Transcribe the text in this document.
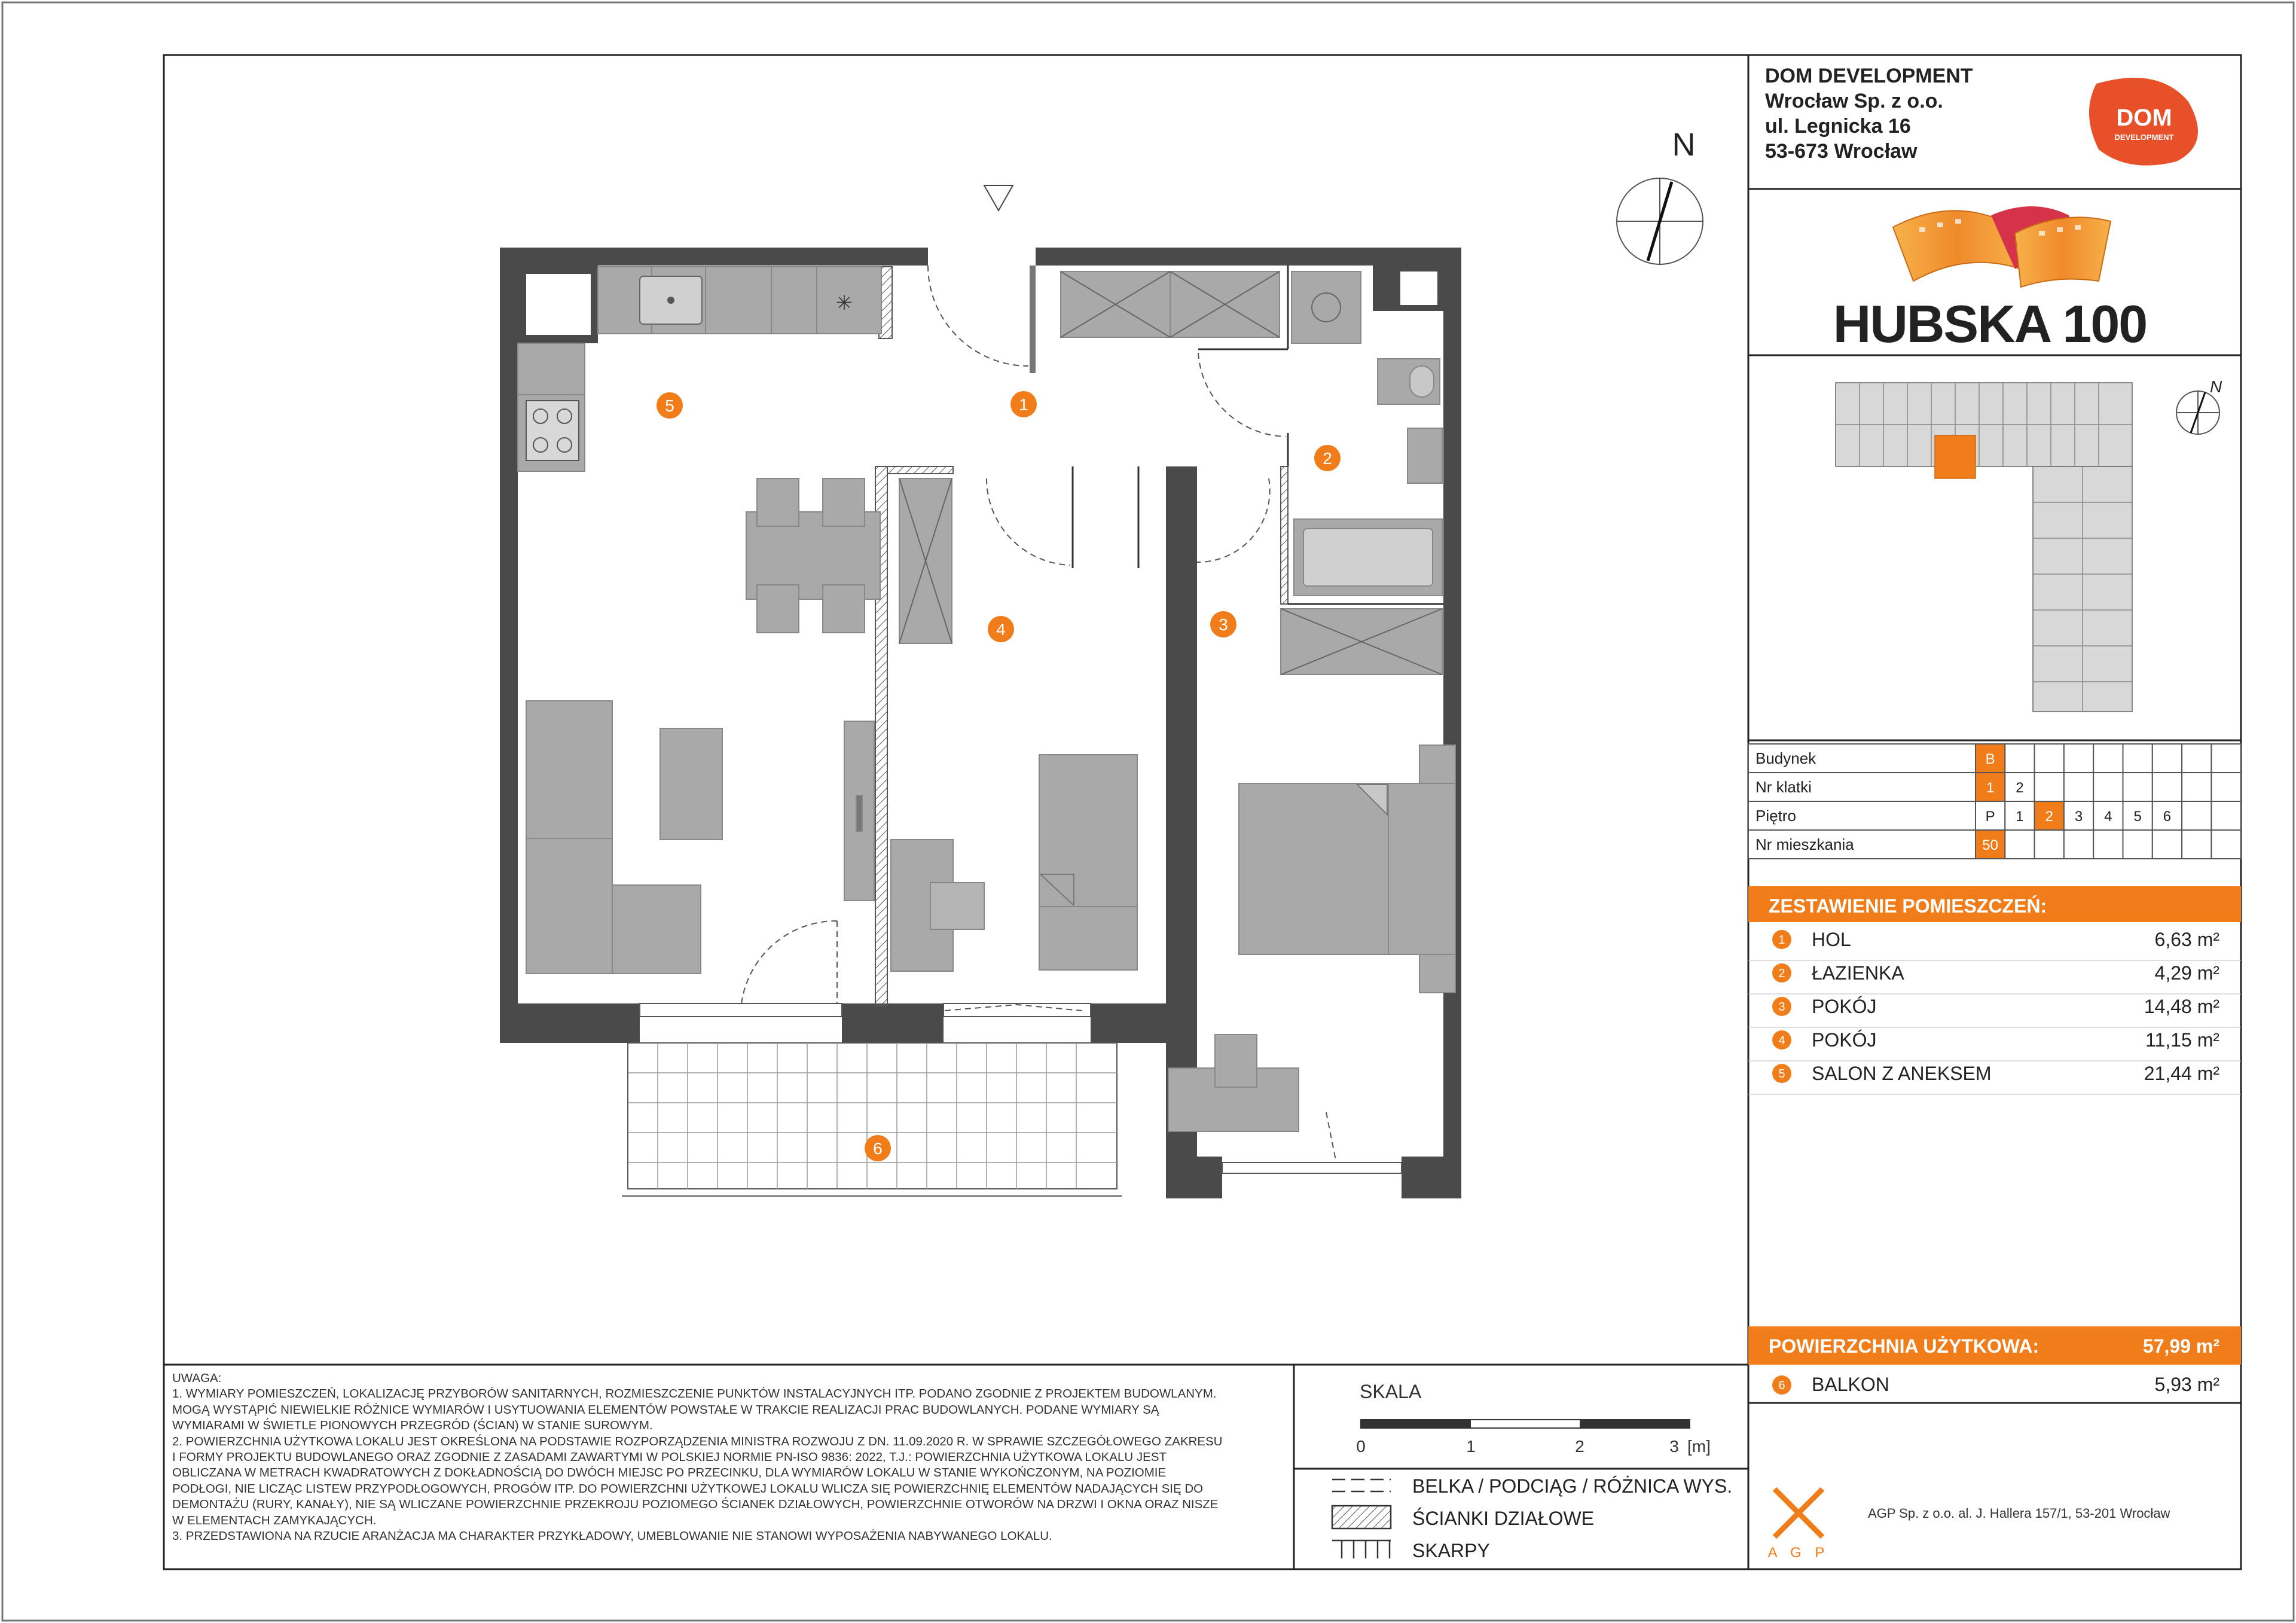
✳
1
2
3
4
5
6
N
DOM DEVELOPMENT
Wrocław Sp. z o.o.
ul. Legnicka 16
53-673 Wrocław
DOM
DEVELOPMENT
HUBSKA 100
N
Budynek	B
Nr klatki	1 2
Piętro	P 1 2 3 4 5 6
Nr mieszkania	50
ZESTAWIENIE POMIESZCZEŃ:
1 HOL	6,63 m²
2 ŁAZIENKA	4,29 m²
3 POKÓJ	14,48 m²
4 POKÓJ	11,15 m²
5 SALON Z ANEKSEM	21,44 m²
POWIERZCHNIA UŻYTKOWA:	57,99 m²
6 BALKON	5,93 m²
A G P
AGP Sp. z o.o. al. J. Hallera 157/1, 53-201 Wrocław
SKALA
0	1	2	3 [m]
BELKA / PODCIĄG / RÓŻNICA WYS.
ŚCIANKI DZIAŁOWE
SKARPY

UWAGA:

1. WYMIARY POMIESZCZEŃ, LOKALIZACJĘ PRZYBORÓW SANITARNYCH, ROZMIESZCZENIE PUNKTÓW INSTALACYJNYCH ITP. PODANO ZGODNIE Z PROJEKTEM BUDOWLANYM.

MOGĄ WYSTĄPIĆ NIEWIELKIE RÓŻNICE WYMIARÓW I USYTUOWANIA ELEMENTÓW POWSTAŁE W TRAKCIE REALIZACJI PRAC BUDOWLANYCH. PODANE WYMIARY SĄ

WYMIARAMI W ŚWIETLE PIONOWYCH PRZEGRÓD (ŚCIAN) W STANIE SUROWYM.

2. POWIERZCHNIA UŻYTKOWA LOKALU JEST OKREŚLONA NA PODSTAWIE ROZPORZĄDZENIA MINISTRA ROZWOJU Z DN. 11.09.2020 R. W SPRAWIE SZCZEGÓŁOWEGO ZAKRESU

I FORMY PROJEKTU BUDOWLANEGO ORAZ ZGODNIE Z ZASADAMI ZAWARTYMI W POLSKIEJ NORMIE PN-ISO 9836: 2022, T.J.: POWIERZCHNIA UŻYTKOWA LOKALU JEST

OBLICZANA W METRACH KWADRATOWYCH Z DOKŁADNOŚCIĄ DO DWÓCH MIEJSC PO PRZECINKU, DLA WYMIARÓW LOKALU W STANIE WYKOŃCZONYM, NA POZIOMIE

PODŁOGI, NIE LICZĄC LISTEW PRZYPODŁOGOWYCH, PROGÓW ITP. DO POWIERZCHNI UŻYTKOWEJ LOKALU WLICZA SIĘ POWIERZCHNIĘ ELEMENTÓW NADAJĄCYCH SIĘ DO

DEMONTAŻU (RURY, KANAŁY), NIE SĄ WLICZANE POWIERZCHNIE PRZEKROJU POZIOMEGO ŚCIANEK DZIAŁOWYCH, POWIERZCHNIE OTWORÓW NA DRZWI I OKNA ORAZ NISZE

W ELEMENTACH ZAMYKAJĄCYCH.

3. PRZEDSTAWIONA NA RZUCIE ARANŻACJA MA CHARAKTER PRZYKŁADOWY, UMEBLOWANIE NIE STANOWI WYPOSAŻENIA NABYWANEGO LOKALU.
